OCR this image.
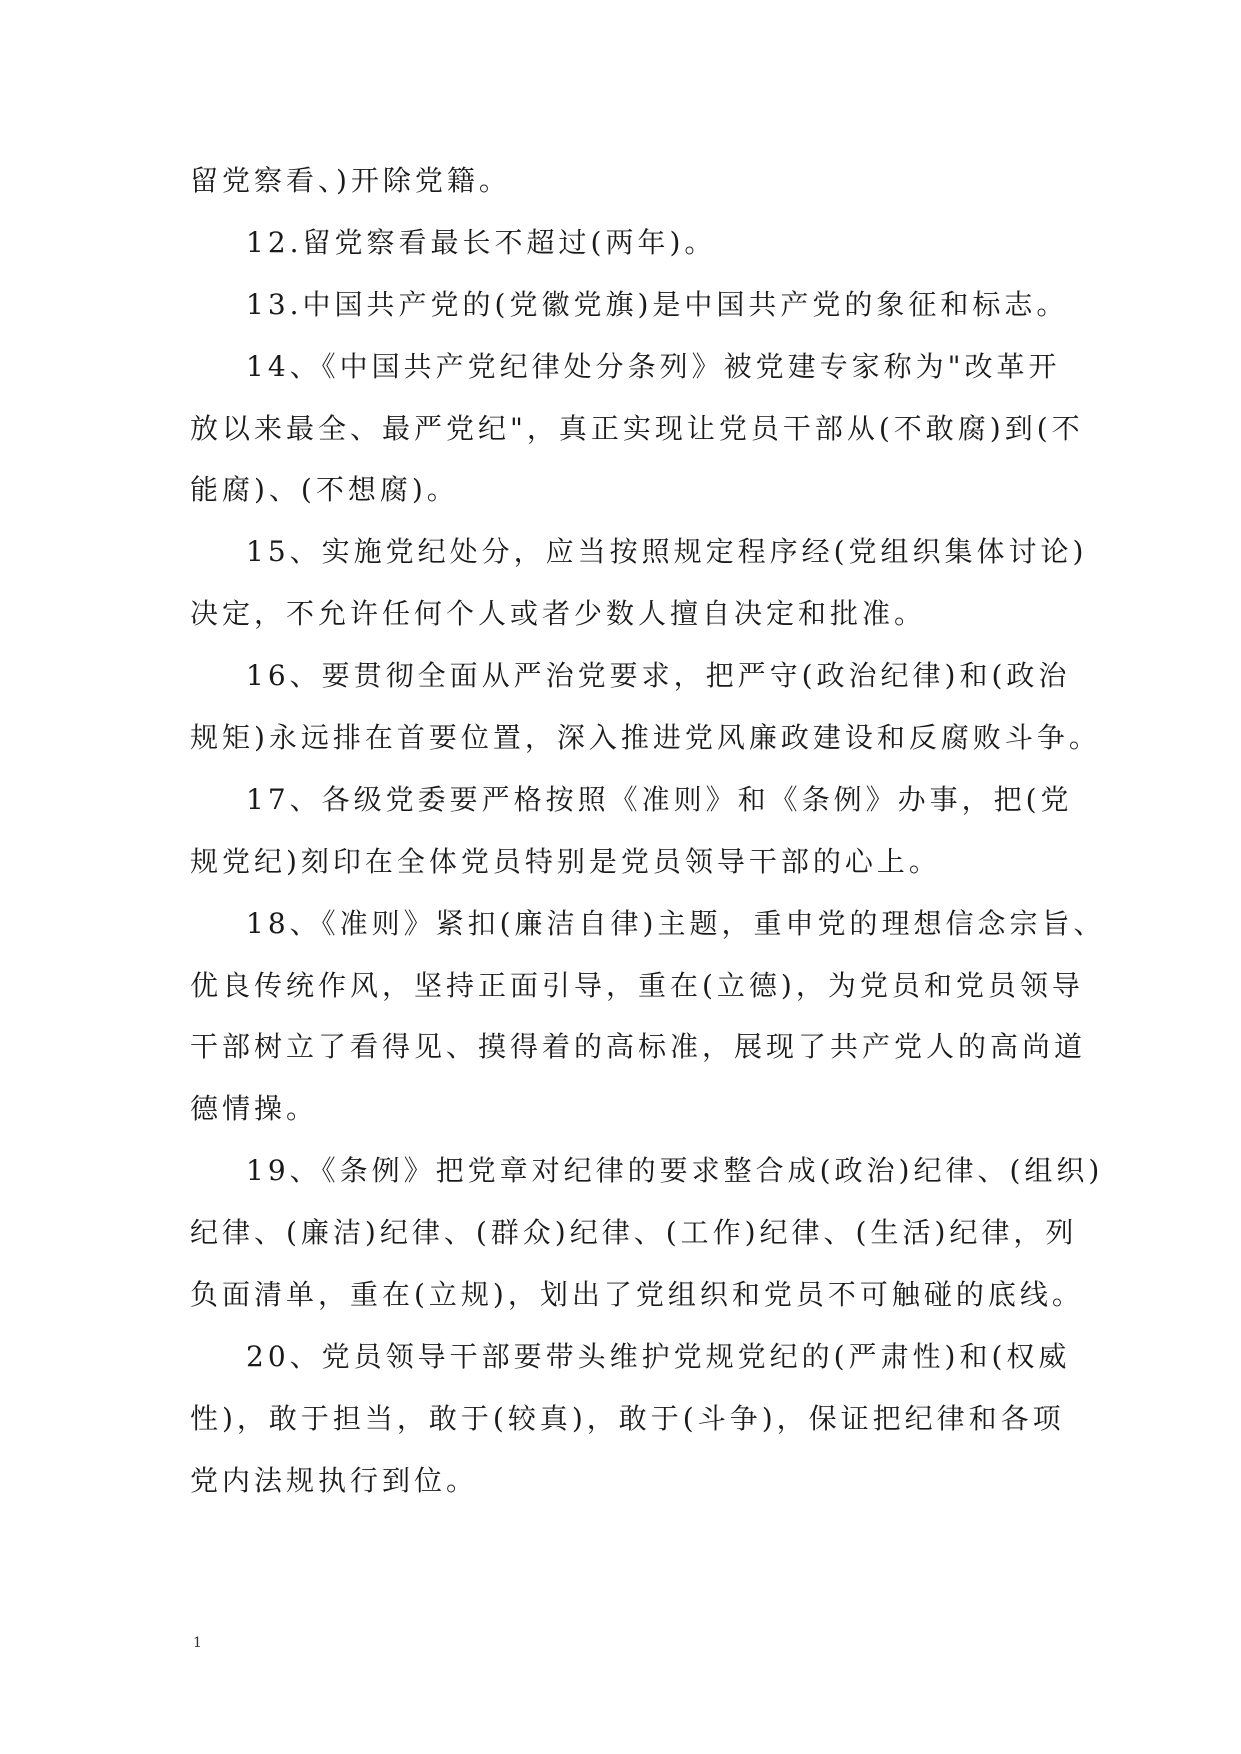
留党察看、)开除党籍。
12.留党察看最长不超过(两年)。
13.中国共产党的(党徽党旗)是中国共产党的象征和标志。
14、《中国共产党纪律处分条列》被党建专家称为"改革开
放以来最全、最严党纪"，真正实现让党员干部从(不敢腐)到(不
能腐)、(不想腐)。
15、实施党纪处分，应当按照规定程序经(党组织集体讨论)
决定，不允许任何个人或者少数人擅自决定和批准。
16、要贯彻全面从严治党要求，把严守(政治纪律)和(政治
规矩)永远排在首要位置，深入推进党风廉政建设和反腐败斗争。
17、各级党委要严格按照《准则》和《条例》办事，把(党
规党纪)刻印在全体党员特别是党员领导干部的心上。
18、《准则》紧扣(廉洁自律)主题，重申党的理想信念宗旨、
优良传统作风，坚持正面引导，重在(立德)，为党员和党员领导
干部树立了看得见、摸得着的高标准，展现了共产党人的高尚道
德情操。
19、《条例》把党章对纪律的要求整合成(政治)纪律、(组织)
纪律、(廉洁)纪律、(群众)纪律、(工作)纪律、(生活)纪律，列
负面清单，重在(立规)，划出了党组织和党员不可触碰的底线。
20、党员领导干部要带头维护党规党纪的(严肃性)和(权威
性)，敢于担当，敢于(较真)，敢于(斗争)，保证把纪律和各项
党内法规执行到位。
1
